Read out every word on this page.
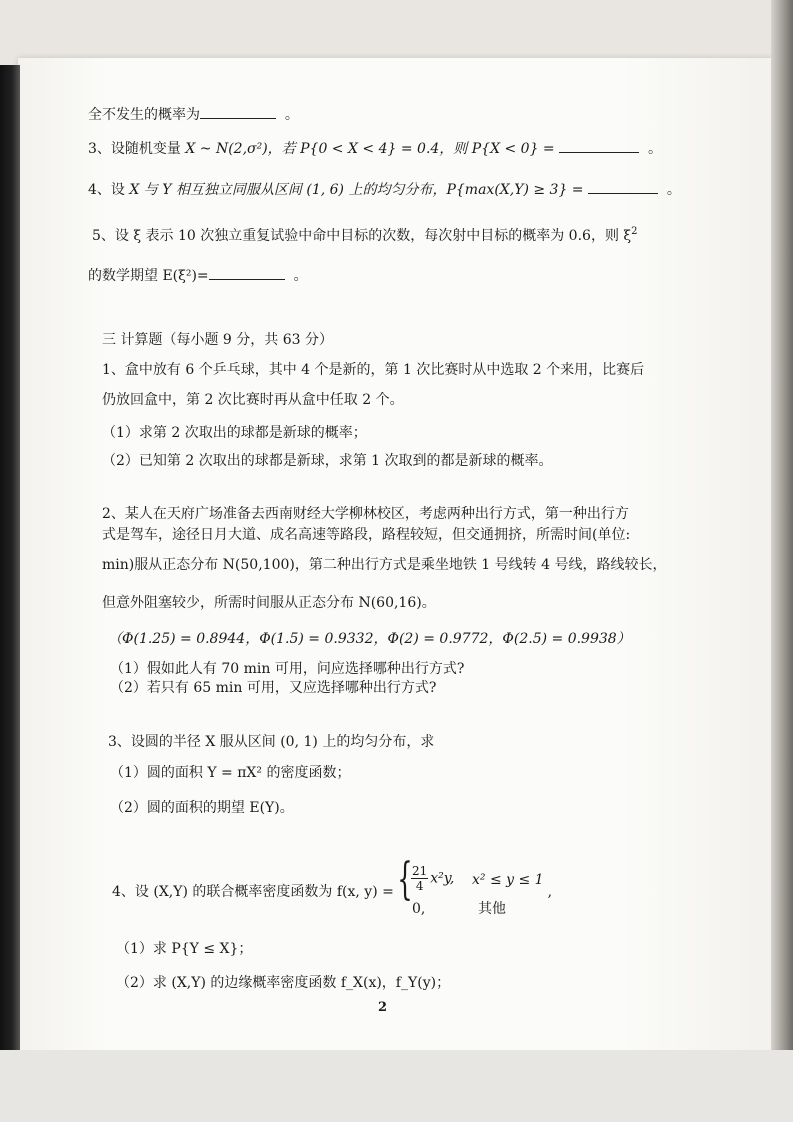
全不发生的概率为	。
3、设随机变量 X ~ N(2,σ²)，若 P{0 < X < 4} = 0.4，则 P{X < 0} =	。
4、设 X 与 Y 相互独立同服从区间 (1, 6) 上的均匀分布，P{max(X,Y) ≥ 3} =	。
5、设 ξ 表示 10 次独立重复试验中命中目标的次数，每次射中目标的概率为 0.6，则 $\xi^2$
的数学期望 E(ξ²)=	。
三 计算题（每小题 9 分，共 63 分）
1、盒中放有 6 个乒乓球，其中 4 个是新的，第 1 次比赛时从中选取 2 个来用，比赛后
仍放回盒中，第 2 次比赛时再从盒中任取 2 个。
（1）求第 2 次取出的球都是新球的概率；
（2）已知第 2 次取出的球都是新球，求第 1 次取到的都是新球的概率。
2、某人在天府广场准备去西南财经大学柳林校区，考虑两种出行方式，第一种出行方
式是驾车，途径日月大道、成名高速等路段，路程较短，但交通拥挤，所需时间(单位:
min)服从正态分布 N(50,100)，第二种出行方式是乘坐地铁 1 号线转 4 号线，路线较长，
但意外阻塞较少，所需时间服从正态分布 N(60,16)。
（Φ(1.25) = 0.8944，Φ(1.5) = 0.9332，Φ(2) = 0.9772，Φ(2.5) = 0.9938）
（1）假如此人有 70 min 可用，问应选择哪种出行方式?
（2）若只有 65 min 可用，又应选择哪种出行方式?
3、设圆的半径 X 服从区间 (0, 1) 上的均匀分布，求
（1）圆的面积 Y = πX² 的密度函数；
（2）圆的面积的期望 E(Y)。
4、设 (X,Y) 的联合概率密度函数为 f(x, y) = {
$\frac{21}{4} x^2y$, x² ≤ y ≤ 1,
0,	其他
（1）求 P{Y ≤ X}；
（2）求 (X,Y) 的边缘概率密度函数 f_X(x)，f_Y(y)；
2
